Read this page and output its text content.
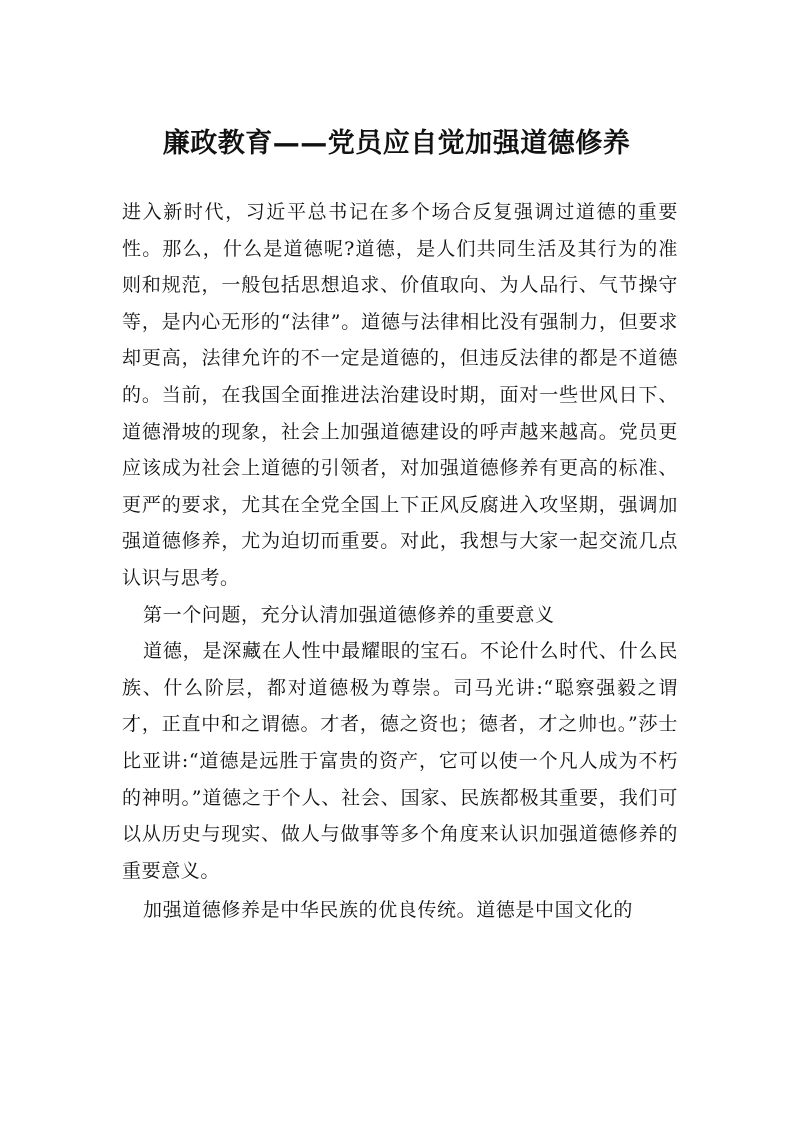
廉政教育——党员应自觉加强道德修养

进入新时代，习近平总书记在多个场合反复强调过道德的重要性。那么，什么是道德呢?道德，是人们共同生活及其行为的准则和规范，一般包括思想追求、价值取向、为人品行、气节操守等，是内心无形的“法律”。道德与法律相比没有强制力，但要求却更高，法律允许的不一定是道德的，但违反法律的都是不道德的。当前，在我国全面推进法治建设时期，面对一些世风日下、道德滑坡的现象，社会上加强道德建设的呼声越来越高。党员更应该成为社会上道德的引领者，对加强道德修养有更高的标准、更严的要求，尤其在全党全国上下正风反腐进入攻坚期，强调加强道德修养，尤为迫切而重要。对此，我想与大家一起交流几点认识与思考。

第一个问题，充分认清加强道德修养的重要意义

道德，是深藏在人性中最耀眼的宝石。不论什么时代、什么民族、什么阶层，都对道德极为尊崇。司马光讲:“聪察强毅之谓才，正直中和之谓德。才者，德之资也；德者，才之帅也。”莎士比亚讲:“道德是远胜于富贵的资产，它可以使一个凡人成为不朽的神明。”道德之于个人、社会、国家、民族都极其重要，我们可以从历史与现实、做人与做事等多个角度来认识加强道德修养的重要意义。

加强道德修养是中华民族的优良传统。道德是中国文化的
